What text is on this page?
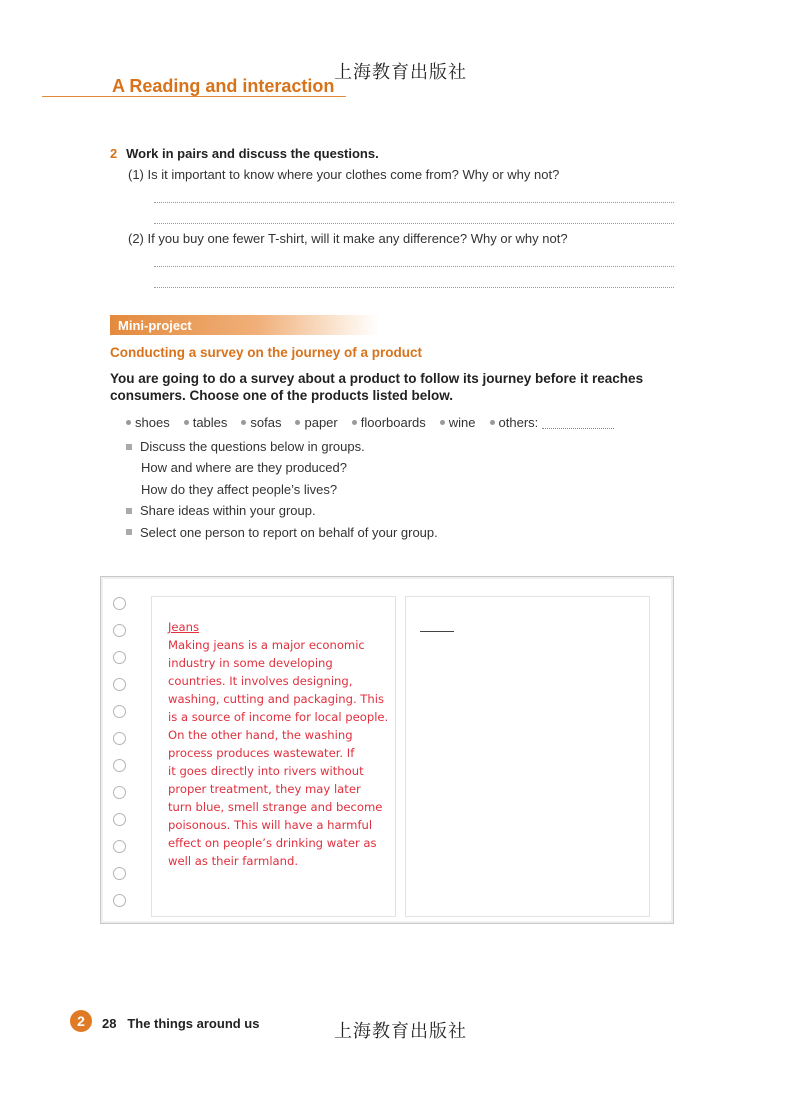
上海教育出版社
A Reading and interaction
2 Work in pairs and discuss the questions.
(1) Is it important to know where your clothes come from? Why or why not?
(2) If you buy one fewer T-shirt, will it make any difference? Why or why not?
Mini-project
Conducting a survey on the journey of a product
You are going to do a survey about a product to follow its journey before it reaches consumers. Choose one of the products listed below.
shoes tables sofas paper floorboards wine others:
Discuss the questions below in groups.
How and where are they produced?
How do they affect people’s lives?
Share ideas within your group.
Select one person to report on behalf of your group.
Jeans
Making jeans is a major economic
industry in some developing
countries. It involves designing,
washing, cutting and packaging. This
is a source of income for local people.
On the other hand, the washing
process produces wastewater. If
it goes directly into rivers without
proper treatment, they may later
turn blue, smell strange and become
poisonous. This will have a harmful
effect on people’s drinking water as
well as their farmland.
2	28 The things around us	上海教育出版社
